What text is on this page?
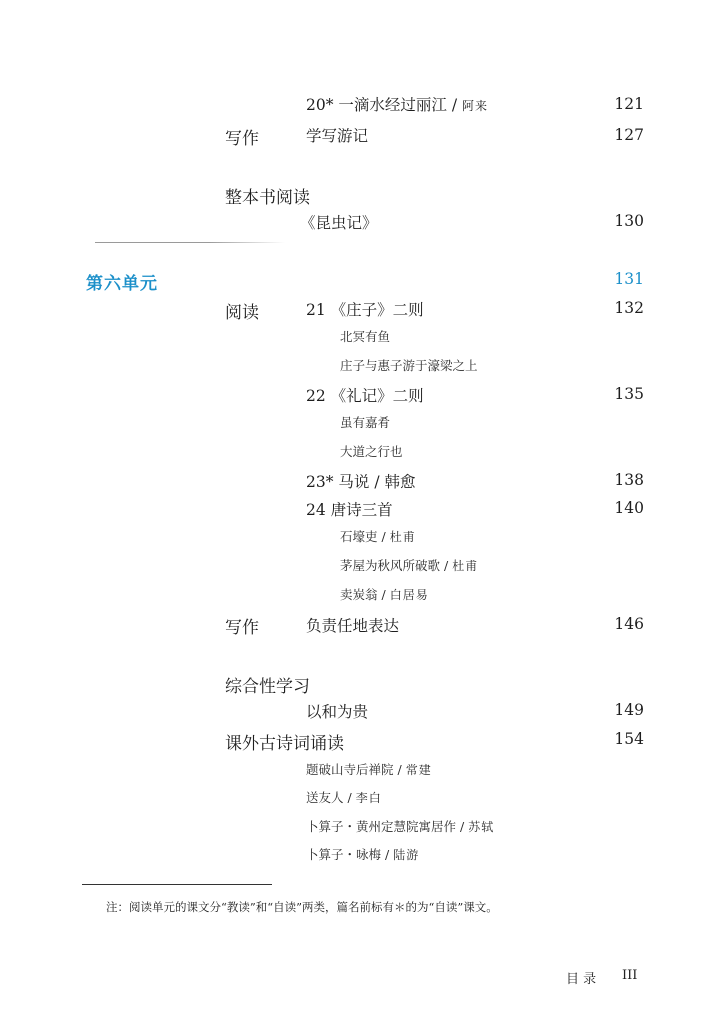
20* 一滴水经过丽江 / 阿来	121
写作	学写游记	127
整本书阅读
《昆虫记》	130
第六单元	131
阅读	21 《庄子》二则	132
北冥有鱼
庄子与惠子游于濠梁之上
22 《礼记》二则	135
虽有嘉肴
大道之行也
23* 马说 / 韩愈	138
24 唐诗三首	140
石壕吏 / 杜甫
茅屋为秋风所破歌 / 杜甫
卖炭翁 / 白居易
写作	负责任地表达	146
综合性学习
以和为贵	149
课外古诗词诵读	154
题破山寺后禅院 / 常建
送友人 / 李白
卜算子・黄州定慧院寓居作 / 苏轼
卜算子・咏梅 / 陆游
注：阅读单元的课文分“教读”和“自读”两类，篇名前标有＊的为“自读”课文。
目 录 III
